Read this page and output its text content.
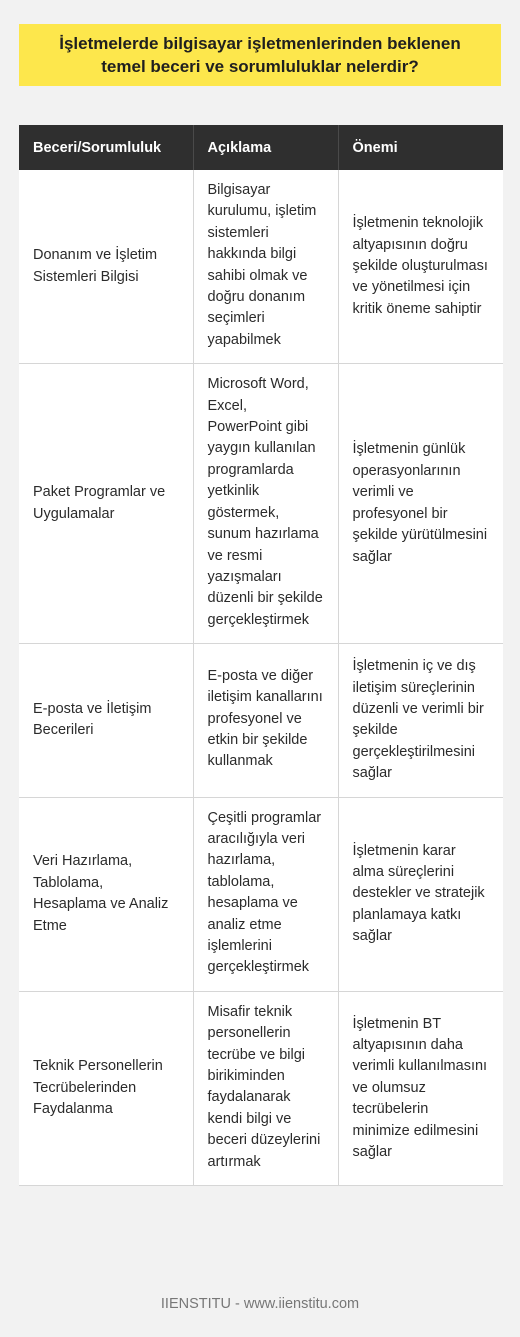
İşletmelerde bilgisayar işletmenlerinden beklenen temel beceri ve sorumluluklar nelerdir?
Beceri/Sorumluluk	Açıklama	Önemi
Donanım ve İşletim Sistemleri Bilgisi	Bilgisayar kurulumu, işletim sistemleri hakkında bilgi sahibi olmak ve doğru donanım seçimleri yapabilmek	İşletmenin teknolojik altyapısının doğru şekilde oluşturulması ve yönetilmesi için kritik öneme sahiptir
Paket Programlar ve Uygulamalar	Microsoft Word, Excel, PowerPoint gibi yaygın kullanılan programlarda yetkinlik göstermek, sunum hazırlama ve resmi yazışmaları düzenli bir şekilde gerçekleştirmek	İşletmenin günlük operasyonlarının verimli ve profesyonel bir şekilde yürütülmesini sağlar
E-posta ve İletişim Becerileri	E-posta ve diğer iletişim kanallarını profesyonel ve etkin bir şekilde kullanmak	İşletmenin iç ve dış iletişim süreçlerinin düzenli ve verimli bir şekilde gerçekleştirilmesini sağlar
Veri Hazırlama, Tablolama, Hesaplama ve Analiz Etme	Çeşitli programlar aracılığıyla veri hazırlama, tablolama, hesaplama ve analiz etme işlemlerini gerçekleştirmek	İşletmenin karar alma süreçlerini destekler ve stratejik planlamaya katkı sağlar
Teknik Personellerin Tecrübelerinden Faydalanma	Misafir teknik personellerin tecrübe ve bilgi birikiminden faydalanarak kendi bilgi ve beceri düzeylerini artırmak	İşletmenin BT altyapısının daha verimli kullanılmasını ve olumsuz tecrübelerin minimize edilmesini sağlar
IIENSTITU - www.iienstitu.com
